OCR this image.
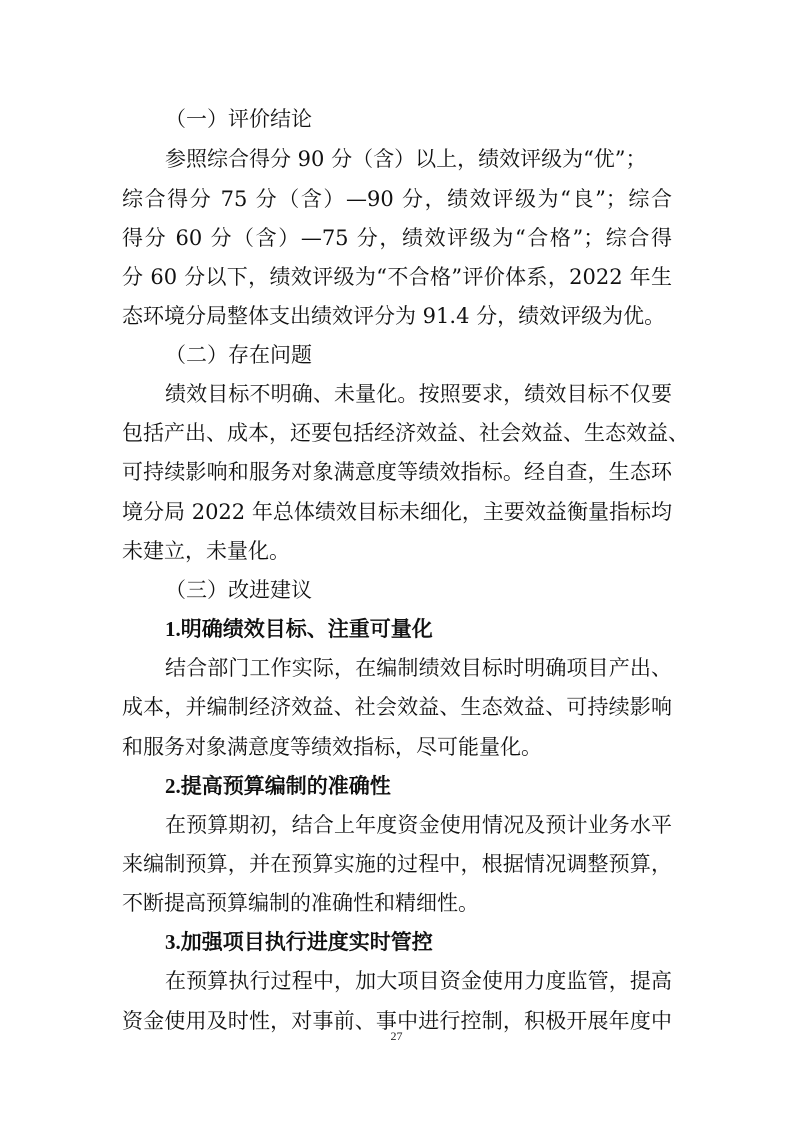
（一）评价结论
参照综合得分 90 分（含）以上，绩效评级为“优”；
综合得分 75 分（含）—90 分，绩效评级为“良”；综合
得分 60 分（含）—75 分，绩效评级为“合格”；综合得
分 60 分以下，绩效评级为“不合格”评价体系，2022 年生
态环境分局整体支出绩效评分为 91.4 分，绩效评级为优。
（二）存在问题
绩效目标不明确、未量化。按照要求，绩效目标不仅要
包括产出、成本，还要包括经济效益、社会效益、生态效益、
可持续影响和服务对象满意度等绩效指标。经自查，生态环
境分局 2022 年总体绩效目标未细化，主要效益衡量指标均
未建立，未量化。
（三）改进建议
1.明确绩效目标、注重可量化
结合部门工作实际，在编制绩效目标时明确项目产出、
成本，并编制经济效益、社会效益、生态效益、可持续影响
和服务对象满意度等绩效指标，尽可能量化。
2.提高预算编制的准确性
在预算期初，结合上年度资金使用情况及预计业务水平
来编制预算，并在预算实施的过程中，根据情况调整预算，
不断提高预算编制的准确性和精细性。
3.加强项目执行进度实时管控
在预算执行过程中，加大项目资金使用力度监管，提高
资金使用及时性，对事前、事中进行控制，积极开展年度中
27
